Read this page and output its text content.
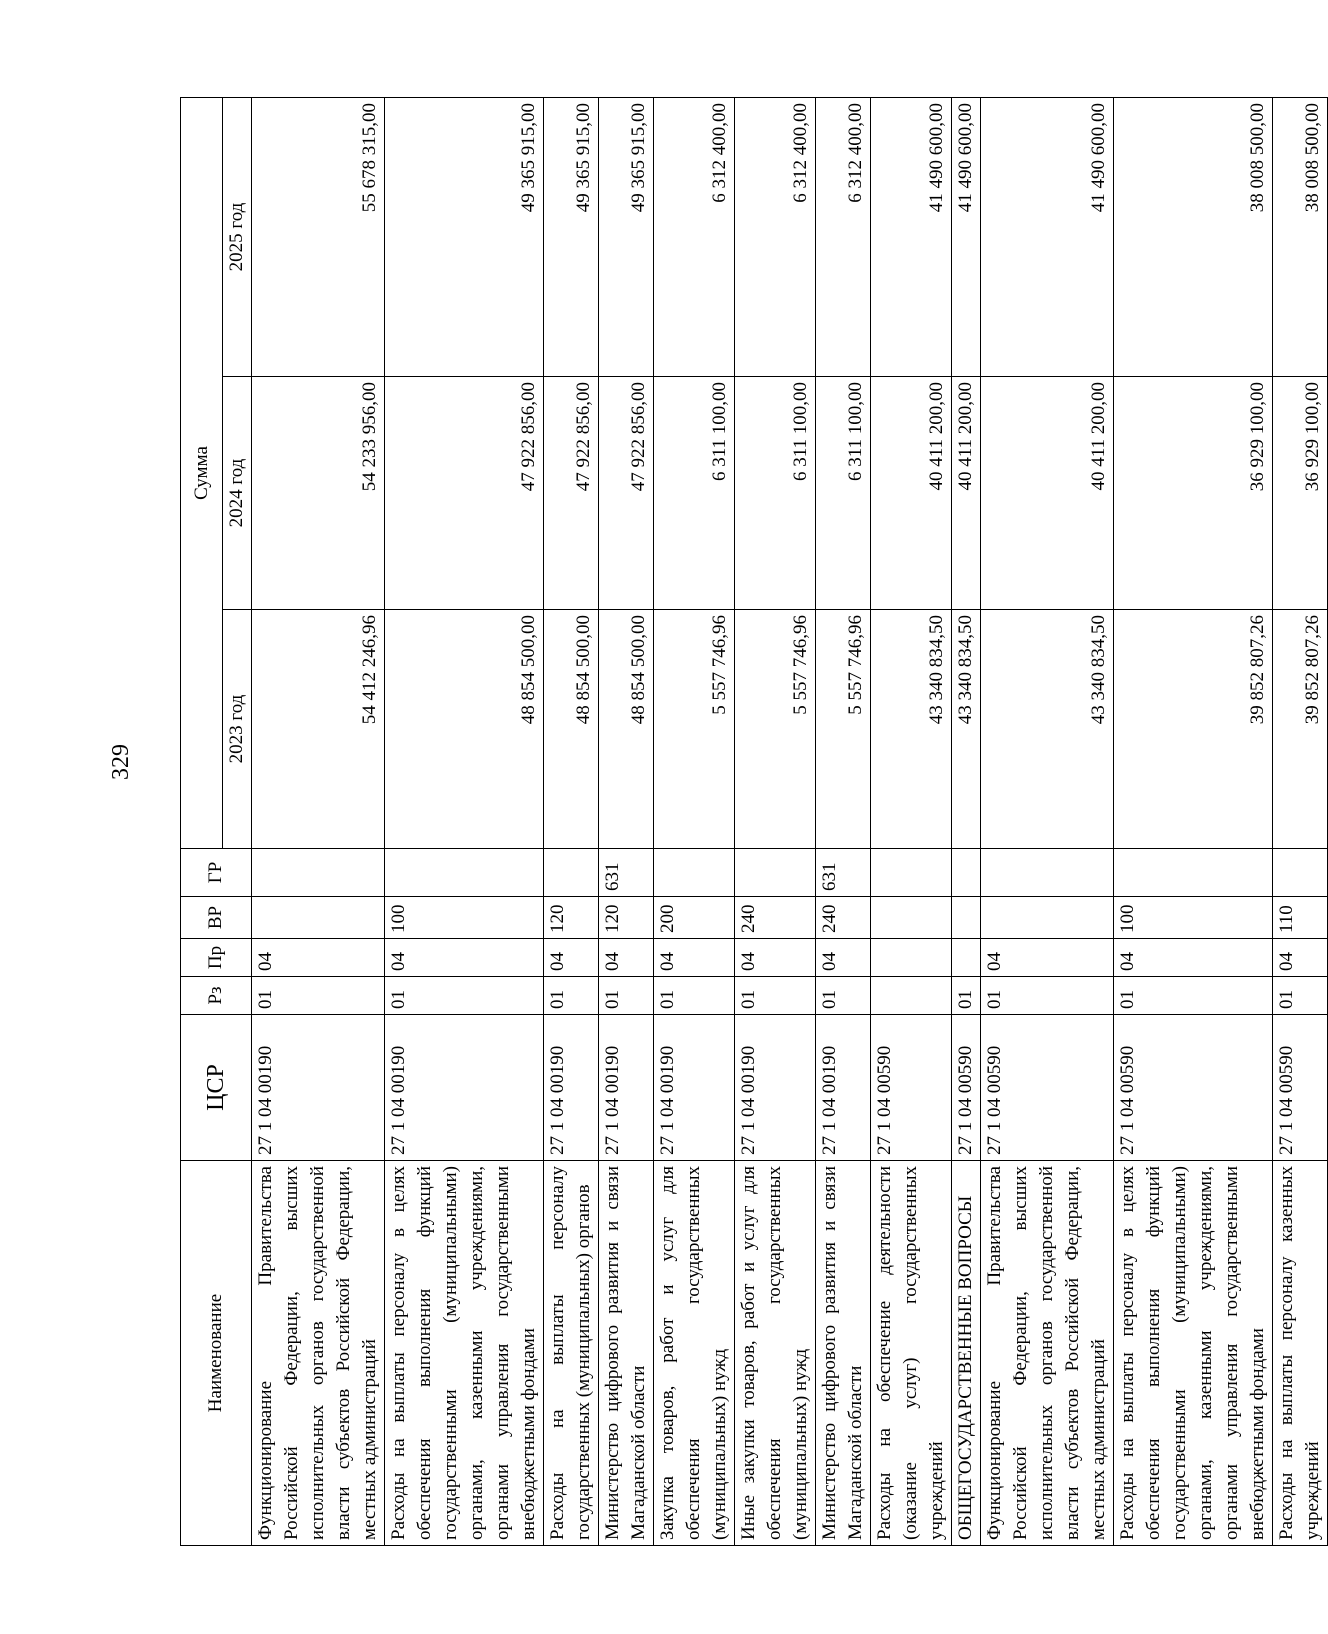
329
Наименование	ЦСР	Рз	Пр	ВР	ГР	Сумма		
						2023 год	2024 год	2025 год
Функционирование Правительства Российской Федерации, высших исполнительных органов государственной власти субъектов Российской Федерации, местных администраций	27 1 04 00190	01	04			54 412 246,96	54 233 956,00	55 678 315,00
Расходы на выплаты персоналу в целях обеспечения выполнения функций государственными (муниципальными) органами, казенными учреждениями, органами управления государственными внебюджетными фондами	27 1 04 00190	01	04	100		48 854 500,00	47 922 856,00	49 365 915,00
Расходы на выплаты персоналу государственных (муниципальных) органов	27 1 04 00190	01	04	120		48 854 500,00	47 922 856,00	49 365 915,00
Министерство цифрового развития и связи Магаданской области	27 1 04 00190	01	04	120	631	48 854 500,00	47 922 856,00	49 365 915,00
Закупка товаров, работ и услуг для обеспечения государственных (муниципальных) нужд	27 1 04 00190	01	04	200		5 557 746,96	6 311 100,00	6 312 400,00
Иные закупки товаров, работ и услуг для обеспечения государственных (муниципальных) нужд	27 1 04 00190	01	04	240		5 557 746,96	6 311 100,00	6 312 400,00
Министерство цифрового развития и связи Магаданской области	27 1 04 00190	01	04	240	631	5 557 746,96	6 311 100,00	6 312 400,00
Расходы на обеспечение деятельности (оказание услуг) государственных учреждений	27 1 04 00590					43 340 834,50	40 411 200,00	41 490 600,00
ОБЩЕГОСУДАРСТВЕННЫЕ ВОПРОСЫ	27 1 04 00590	01				43 340 834,50	40 411 200,00	41 490 600,00
Функционирование Правительства Российской Федерации, высших исполнительных органов государственной власти субъектов Российской Федерации, местных администраций	27 1 04 00590	01	04			43 340 834,50	40 411 200,00	41 490 600,00
Расходы на выплаты персоналу в целях обеспечения выполнения функций государственными (муниципальными) органами, казенными учреждениями, органами управления государственными внебюджетными фондами	27 1 04 00590	01	04	100		39 852 807,26	36 929 100,00	38 008 500,00
Расходы на выплаты персоналу казенных учреждений	27 1 04 00590	01	04	110		39 852 807,26	36 929 100,00	38 008 500,00
